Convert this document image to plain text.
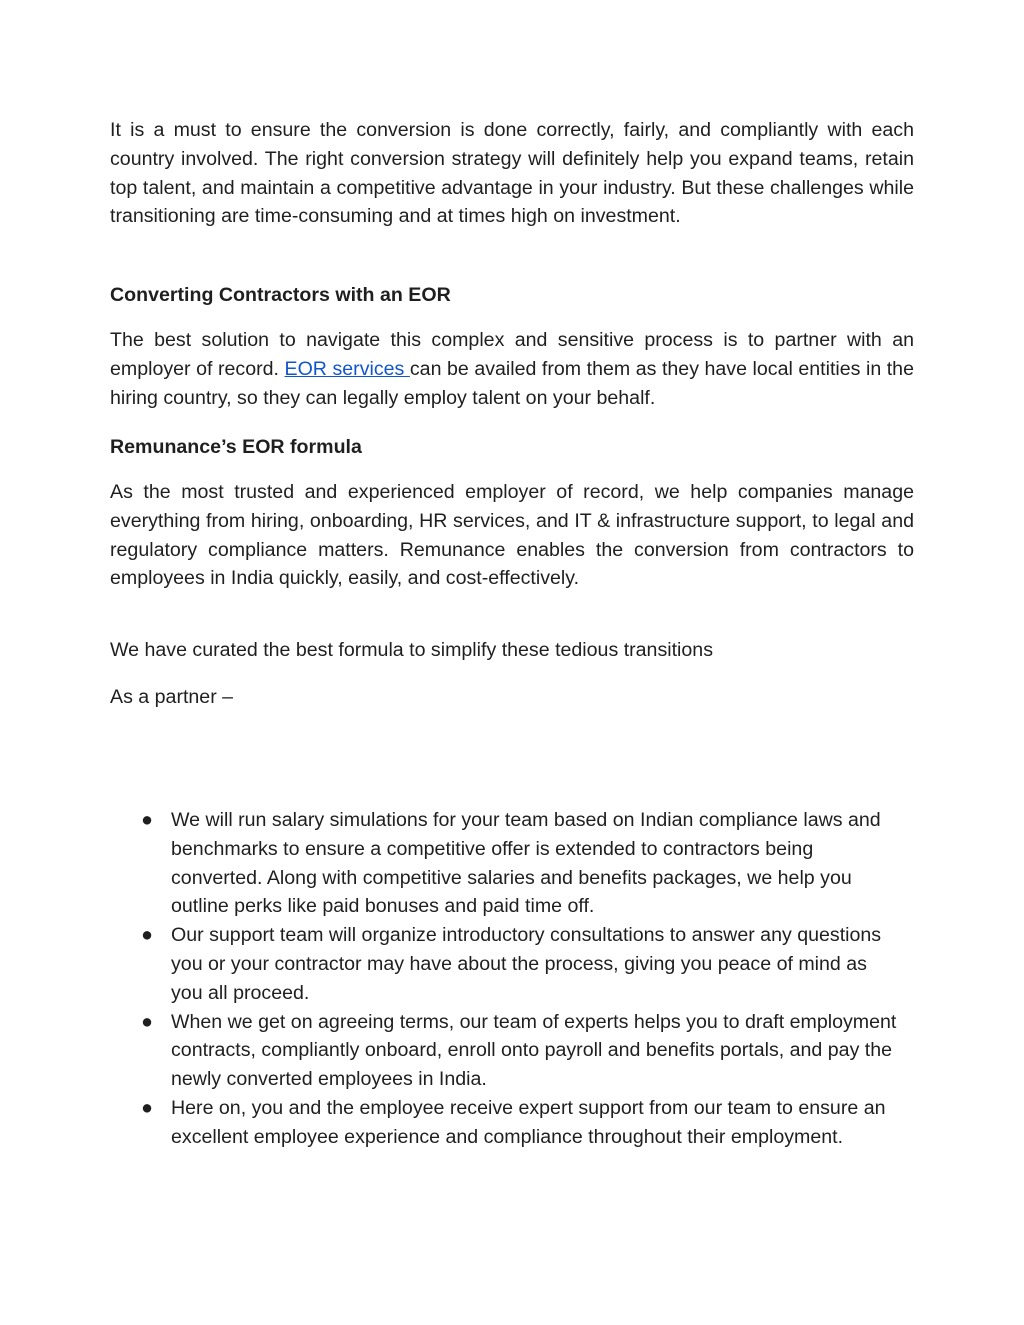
It is a must to ensure the conversion is done correctly, fairly, and compliantly with each country involved. The right conversion strategy will definitely help you expand teams, retain top talent, and maintain a competitive advantage in your industry. But these challenges while transitioning are time-consuming and at times high on investment.

Converting Contractors with an EOR

The best solution to navigate this complex and sensitive process is to partner with an employer of record. EOR services can be availed from them as they have local entities in the hiring country, so they can legally employ talent on your behalf.

Remunance’s EOR formula

As the most trusted and experienced employer of record, we help companies manage everything from hiring, onboarding, HR services, and IT & infrastructure support, to legal and regulatory compliance matters. Remunance enables the conversion from contractors to employees in India quickly, easily, and cost-effectively.

We have curated the best formula to simplify these tedious transitions

As a partner –

● We will run salary simulations for your team based on Indian compliance laws and benchmarks to ensure a competitive offer is extended to contractors being converted. Along with competitive salaries and benefits packages, we help you outline perks like paid bonuses and paid time off.
● Our support team will organize introductory consultations to answer any questions you or your contractor may have about the process, giving you peace of mind as you all proceed.
● When we get on agreeing terms, our team of experts helps you to draft employment contracts, compliantly onboard, enroll onto payroll and benefits portals, and pay the newly converted employees in India.
● Here on, you and the employee receive expert support from our team to ensure an excellent employee experience and compliance throughout their employment.
